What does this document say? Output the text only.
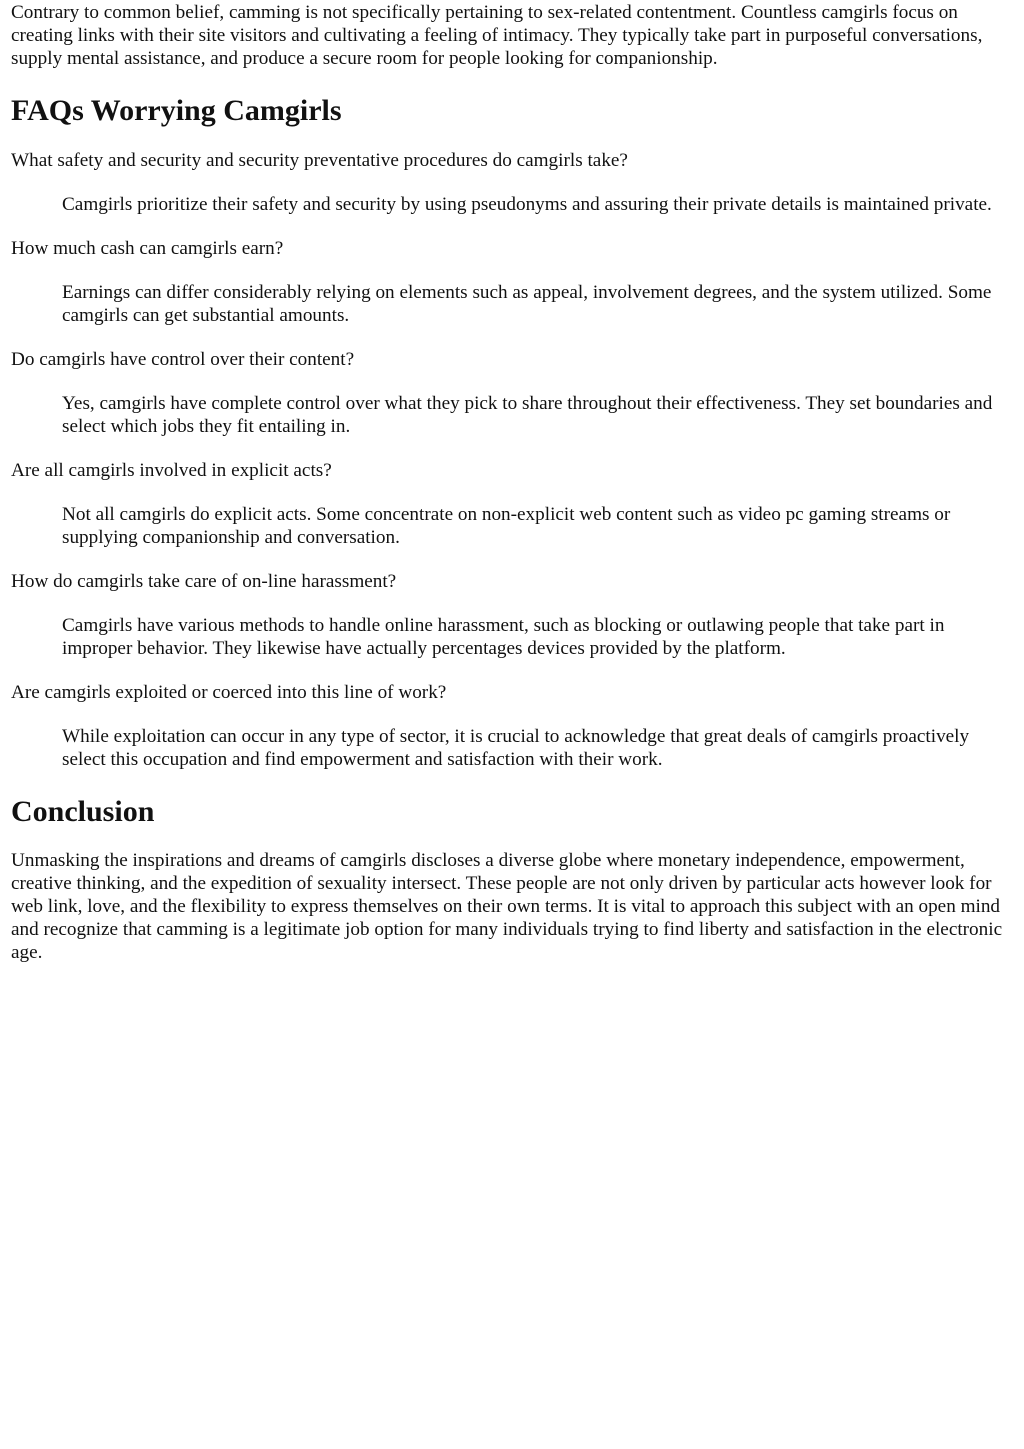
Contrary to common belief, camming is not specifically pertaining to sex-related contentment. Countless camgirls focus on creating links with their site visitors and cultivating a feeling of intimacy. They typically take part in purposeful conversations, supply mental assistance, and produce a secure room for people looking for companionship.

FAQs Worrying Camgirls

What safety and security and security preventative procedures do camgirls take?

Camgirls prioritize their safety and security by using pseudonyms and assuring their private details is maintained private.

How much cash can camgirls earn?

Earnings can differ considerably relying on elements such as appeal, involvement degrees, and the system utilized. Some camgirls can get substantial amounts.

Do camgirls have control over their content?

Yes, camgirls have complete control over what they pick to share throughout their effectiveness. They set boundaries and select which jobs they fit entailing in.

Are all camgirls involved in explicit acts?

Not all camgirls do explicit acts. Some concentrate on non-explicit web content such as video pc gaming streams or supplying companionship and conversation.

How do camgirls take care of on-line harassment?

Camgirls have various methods to handle online harassment, such as blocking or outlawing people that take part in improper behavior. They likewise have actually percentages devices provided by the platform.

Are camgirls exploited or coerced into this line of work?

While exploitation can occur in any type of sector, it is crucial to acknowledge that great deals of camgirls proactively select this occupation and find empowerment and satisfaction with their work.

Conclusion

Unmasking the inspirations and dreams of camgirls discloses a diverse globe where monetary independence, empowerment, creative thinking, and the expedition of sexuality intersect. These people are not only driven by particular acts however look for web link, love, and the flexibility to express themselves on their own terms. It is vital to approach this subject with an open mind and recognize that camming is a legitimate job option for many individuals trying to find liberty and satisfaction in the electronic age.
